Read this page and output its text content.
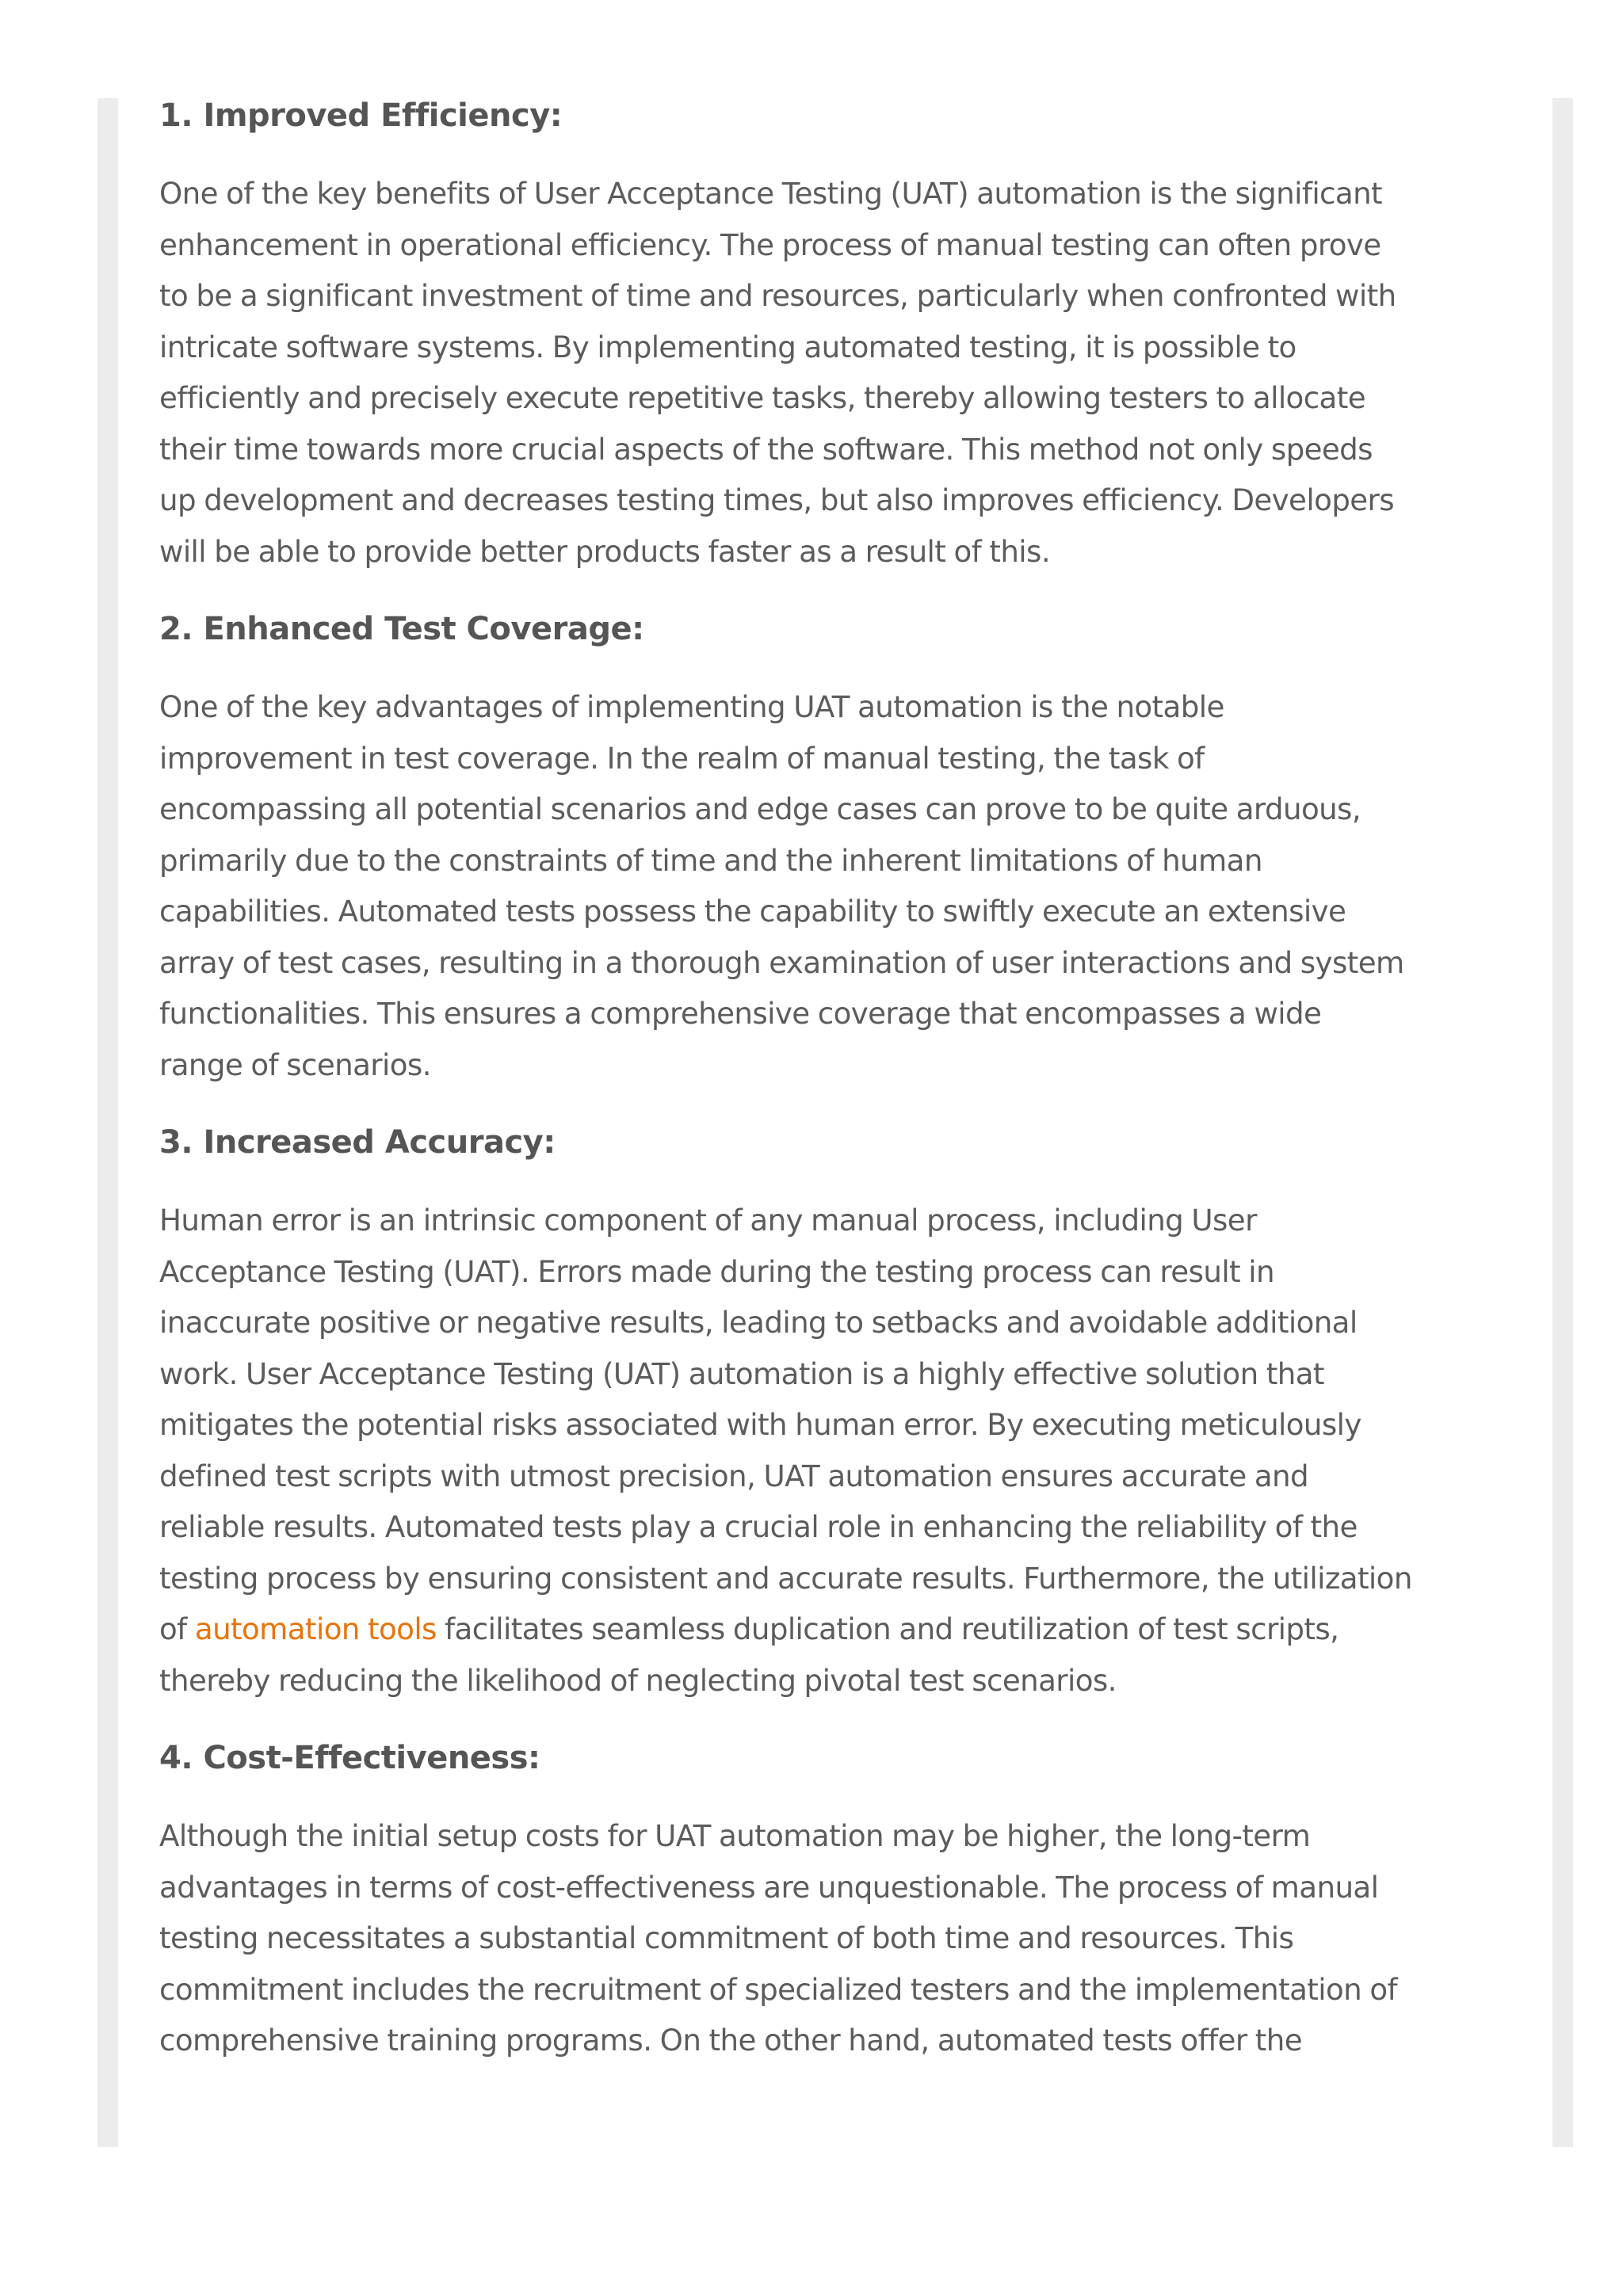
1. Improved Efficiency:

One of the key benefits of User Acceptance Testing (UAT) automation is the significant
enhancement in operational efficiency. The process of manual testing can often prove
to be a significant investment of time and resources, particularly when confronted with
intricate software systems. By implementing automated testing, it is possible to
efficiently and precisely execute repetitive tasks, thereby allowing testers to allocate
their time towards more crucial aspects of the software. This method not only speeds
up development and decreases testing times, but also improves efficiency. Developers
will be able to provide better products faster as a result of this.

2. Enhanced Test Coverage:

One of the key advantages of implementing UAT automation is the notable
improvement in test coverage. In the realm of manual testing, the task of
encompassing all potential scenarios and edge cases can prove to be quite arduous,
primarily due to the constraints of time and the inherent limitations of human
capabilities. Automated tests possess the capability to swiftly execute an extensive
array of test cases, resulting in a thorough examination of user interactions and system
functionalities. This ensures a comprehensive coverage that encompasses a wide
range of scenarios.

3. Increased Accuracy:

Human error is an intrinsic component of any manual process, including User
Acceptance Testing (UAT). Errors made during the testing process can result in
inaccurate positive or negative results, leading to setbacks and avoidable additional
work. User Acceptance Testing (UAT) automation is a highly effective solution that
mitigates the potential risks associated with human error. By executing meticulously
defined test scripts with utmost precision, UAT automation ensures accurate and
reliable results. Automated tests play a crucial role in enhancing the reliability of the
testing process by ensuring consistent and accurate results. Furthermore, the utilization
of automation tools facilitates seamless duplication and reutilization of test scripts,
thereby reducing the likelihood of neglecting pivotal test scenarios.

4. Cost-Effectiveness:

Although the initial setup costs for UAT automation may be higher, the long-term
advantages in terms of cost-effectiveness are unquestionable. The process of manual
testing necessitates a substantial commitment of both time and resources. This
commitment includes the recruitment of specialized testers and the implementation of
comprehensive training programs. On the other hand, automated tests offer the
